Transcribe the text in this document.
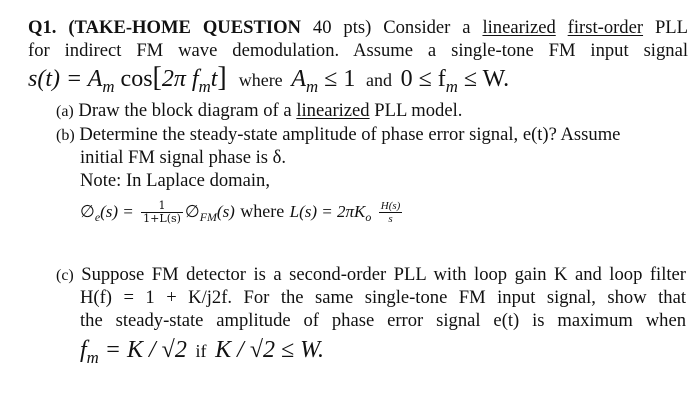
Q1. (TAKE-HOME QUESTION 40 pts) Consider a linearized first-order PLL
for indirect FM wave demodulation. Assume a single-tone FM input signal
$s(t) = A_m$ cos[2π $f_mt$] where $A_m \le 1$ and $0 \le f_m \le W$.
(a) Draw the block diagram of a linearized PLL model.
(b) Determine the steady-state amplitude of phase error signal, e(t)? Assume
initial FM signal phase is δ.
Note: In Laplace domain,
$\emptyset_e(s) = \frac{1}{1+L(s)}$ $\emptyset_{FM}(s)$ where $L(s) = 2\pi K_o \frac{H(s)}{s}$
(c) Suppose FM detector is a second-order PLL with loop gain K and loop filter
H(f) = 1 + K/j2f. For the same single-tone FM input signal, show that
the steady-state amplitude of phase error signal e(t) is maximum when
$f_m = K / √2$ if K / √2 ≤ W.
